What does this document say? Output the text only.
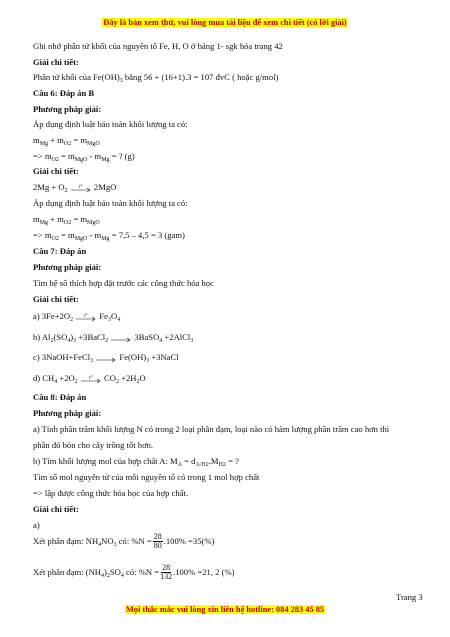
Đây là bản xem thử, vui lòng mua tài liệu để xem chi tiết (có lời giải)
Ghi nhớ phân tử khối của nguyên tố Fe, H, O ở bảng 1- sgk hóa trang 42
Giải chi tiết:
Phân tử khối của $Fe(OH)_3$ bằng 56 + (16+1).3 = 107 đvC ( hoặc g/mol)
Câu 6: Đáp án B
Phương pháp giải:
Áp dụng định luật bảo toàn khối lượng ta có:
$m_{Mg} + m_{O2} = m_{MgO}$
=> $m_{O2} = m_{MgO} - m_{Mg}$ = ? (g)
Giải chi tiết:
$2Mg + O_2$
t° 2MgO
Áp dụng định luật bảo toàn khối lượng ta có:
$m_{Mg} + m_{O2} = m_{MgO}$
=> $m_{O2} = m_{MgO} - m_{Mg} = 7,5 - 4,5 = 3$ (gam)
Câu 7: Đáp án
Phương pháp giải:
Tìm hệ số thích hợp đặt trước các công thức hóa học
Giải chi tiết:
a) $3Fe+2O_2$
t° $Fe_3O_4$
b) $Al_2(SO_4)_3$ +3BaCl$_2$	3BaSO$_4$ +2AlCl$_3$
c) 3NaOH+FeCl$_3$	$Fe(OH)_3$ +3NaCl
d) $CH_4 +2O_2$
t° $CO_2 +2H_2O$
Câu 8: Đáp án
Phương pháp giải:
a) Tính phần trăm khối lượng N có trong 2 loại phân đạm, loại nào có hàm lượng phần trăm cao hơn thì
phân đó bón cho cây trồng tốt hơn.
b) Tìm khối lượng mol của hợp chất A: $M_A = d_{A/H2}.M_{H2}$ = ?
Tìm số mol nguyên tử của mỗi nguyên tố có trong 1 mol hợp chất
=> lập được công thức hóa học của hợp chất.
Giải chi tiết:
a)
Xét phân đạm: $NH_4NO_3$ có: $\%N = \frac{28}{80} .100\% =35(\%)$
Xét phân đạm: $(NH_4)_2SO_4$ có: $\%N = \frac{28}{132} .100\% =21$, 2 (%)
Trang 3
Mọi thắc mắc vui lòng xin liên hệ hotline: 084 283 45 85
